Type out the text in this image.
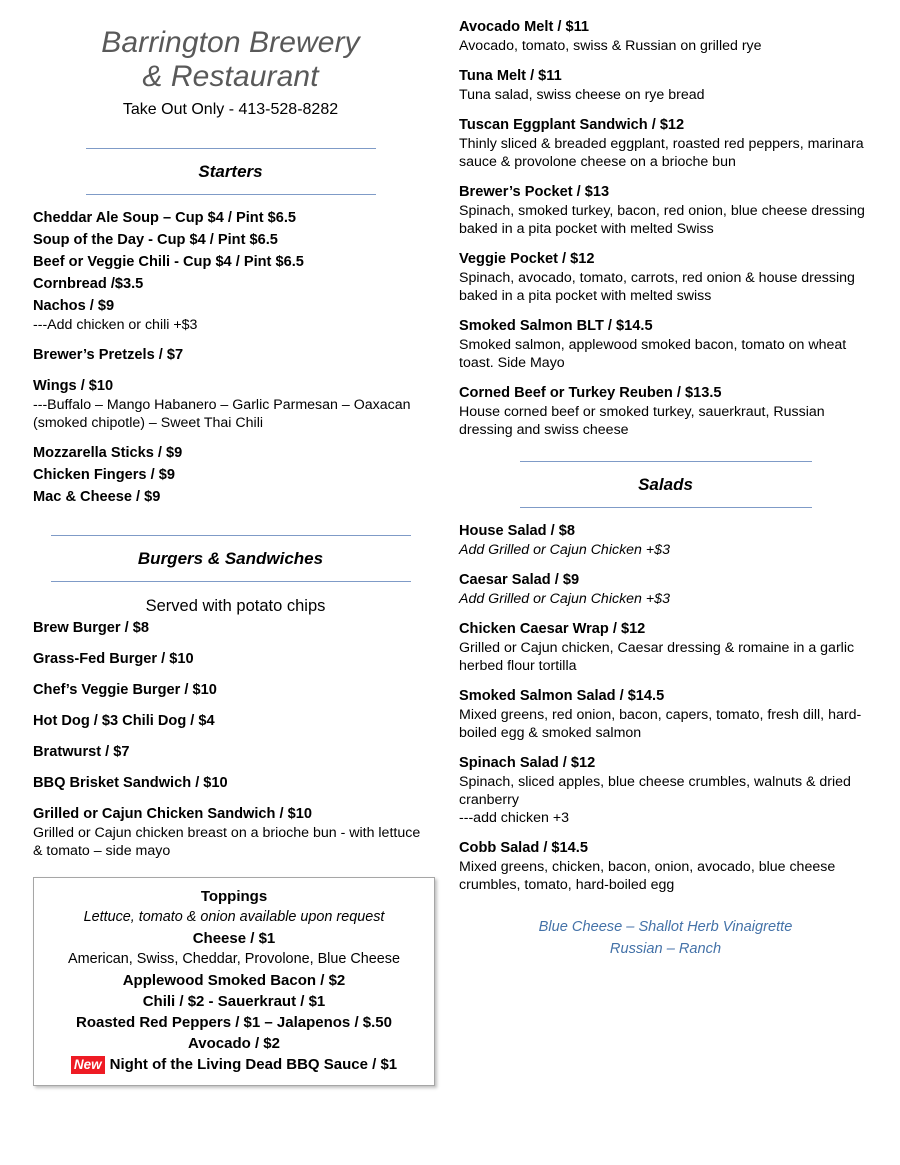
Barrington Brewery
& Restaurant
Take Out Only - 413-528-8282
Starters
Cheddar Ale Soup – Cup $4 / Pint $6.5
Soup of the Day - Cup $4 / Pint $6.5
Beef or Veggie Chili - Cup $4 / Pint $6.5
Cornbread /$3.5
Nachos / $9
---Add chicken or chili +$3
Brewer’s Pretzels / $7
Wings / $10
---Buffalo – Mango Habanero – Garlic Parmesan – Oaxacan (smoked chipotle) – Sweet Thai Chili
Mozzarella Sticks / $9
Chicken Fingers / $9
Mac & Cheese / $9
Burgers & Sandwiches
Served with potato chips
Brew Burger / $8
Grass-Fed Burger / $10
Chef’s Veggie Burger / $10
Hot Dog / $3 Chili Dog / $4
Bratwurst / $7
BBQ Brisket Sandwich / $10
Grilled or Cajun Chicken Sandwich / $10
Grilled or Cajun chicken breast on a brioche bun - with lettuce & tomato – side mayo
Toppings
Lettuce, tomato & onion available upon request
Cheese / $1
American, Swiss, Cheddar, Provolone, Blue Cheese
Applewood Smoked Bacon / $2
Chili / $2 - Sauerkraut / $1
Roasted Red Peppers / $1 – Jalapenos / $.50
Avocado / $2
New Night of the Living Dead BBQ Sauce / $1
Avocado Melt / $11
Avocado, tomato, swiss & Russian on grilled rye
Tuna Melt / $11
Tuna salad, swiss cheese on rye bread
Tuscan Eggplant Sandwich / $12
Thinly sliced & breaded eggplant, roasted red peppers, marinara sauce & provolone cheese on a brioche bun
Brewer’s Pocket / $13
Spinach, smoked turkey, bacon, red onion, blue cheese dressing baked in a pita pocket with melted Swiss
Veggie Pocket / $12
Spinach, avocado, tomato, carrots, red onion & house dressing baked in a pita pocket with melted swiss
Smoked Salmon BLT / $14.5
Smoked salmon, applewood smoked bacon, tomato on wheat toast. Side Mayo
Corned Beef or Turkey Reuben / $13.5
House corned beef or smoked turkey, sauerkraut, Russian dressing and swiss cheese
Salads
House Salad / $8
Add Grilled or Cajun Chicken +$3
Caesar Salad / $9
Add Grilled or Cajun Chicken +$3
Chicken Caesar Wrap / $12
Grilled or Cajun chicken, Caesar dressing & romaine in a garlic herbed flour tortilla
Smoked Salmon Salad / $14.5
Mixed greens, red onion, bacon, capers, tomato, fresh dill, hard-boiled egg & smoked salmon
Spinach Salad / $12
Spinach, sliced apples, blue cheese crumbles, walnuts & dried cranberry
---add chicken +3
Cobb Salad / $14.5
Mixed greens, chicken, bacon, onion, avocado, blue cheese crumbles, tomato, hard-boiled egg
Blue Cheese – Shallot Herb Vinaigrette
Russian – Ranch
